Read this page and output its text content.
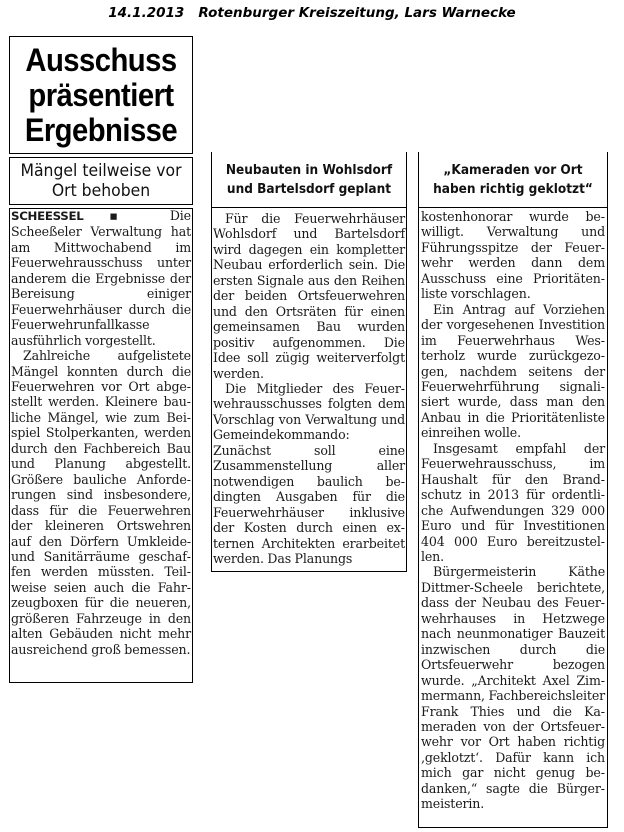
14.1.2013   Rotenburger Kreiszeitung, Lars Warnecke
Ausschuss präsentiert Ergebnisse
Mängel teilweise vor Ort behoben

SCHEESSEL ▪ Die Scheeßeler Verwaltung hat am Mittwochabend im Feuerwehrausschuss unter anderem die Ergebnisse der Bereisung einiger Feuerwehrhäuser durch die Feuerwehrunfallkasse ausführlich vorgestellt.

Zahlreiche aufgelistete Mängel konnten durch die Feuerwehren vor Ort abgestellt werden. Kleinere bauliche Mängel, wie zum Beispiel Stolperkanten, werden durch den Fachbereich Bau und Planung abgestellt. Größere bauliche Anforderungen sind insbesondere, dass für die Feuerwehren der kleineren Ortswehren auf den Dörfern Umkleide- und Sanitärräume geschaffen werden müssten. Teilweise seien auch die Fahrzeugboxen für die neueren, größeren Fahrzeuge in den alten Gebäuden nicht mehr ausreichend groß bemessen.

Neubauten in Wohlsdorf und Bartelsdorf geplant

Für die Feuerwehrhäuser Wohlsdorf und Bartelsdorf wird dagegen ein kompletter Neubau erforderlich sein. Die ersten Signale aus den Reihen der beiden Ortsfeuerwehren und den Ortsräten für einen gemeinsamen Bau wurden positiv aufgenommen. Die Idee soll zügig weiterverfolgt werden.

Die Mitglieder des Feuerwehrausschusses folgten dem Vorschlag von Verwaltung und Gemeindekommando: Zunächst soll eine Zusammenstellung aller notwendigen baulich bedingten Ausgaben für die Feuerwehrhäuser inklusive der Kosten durch einen externen Architekten erarbeitet werden. Das Planungs

„Kameraden vor Ort haben richtig geklotzt“

kostenhonorar wurde bewilligt. Verwaltung und Führungsspitze der Feuerwehr werden dann dem Ausschuss eine Prioritätenliste vorschlagen.

Ein Antrag auf Vorziehen der vorgesehenen Investition im Feuerwehrhaus Westerholz wurde zurückgezogen, nachdem seitens der Feuerwehrführung signalisiert wurde, dass man den Anbau in die Prioritätenliste einreihen wolle.

Insgesamt empfahl der Feuerwehrausschuss, im Haushalt für den Brandschutz in 2013 für ordentliche Aufwendungen 329 000 Euro und für Investitionen 404 000 Euro bereitzustellen.

Bürgermeisterin Käthe Dittmer-Scheele berichtete, dass der Neubau des Feuerwehrhauses in Hetzwege nach neunmonatiger Bauzeit inzwischen durch die Ortsfeuerwehr bezogen wurde. „Architekt Axel Zimmermann, Fachbereichsleiter Frank Thies und die Kameraden von der Ortsfeuerwehr vor Ort haben richtig ‚geklotzt‘. Dafür kann ich mich gar nicht genug bedanken,“ sagte die Bürgermeisterin.
